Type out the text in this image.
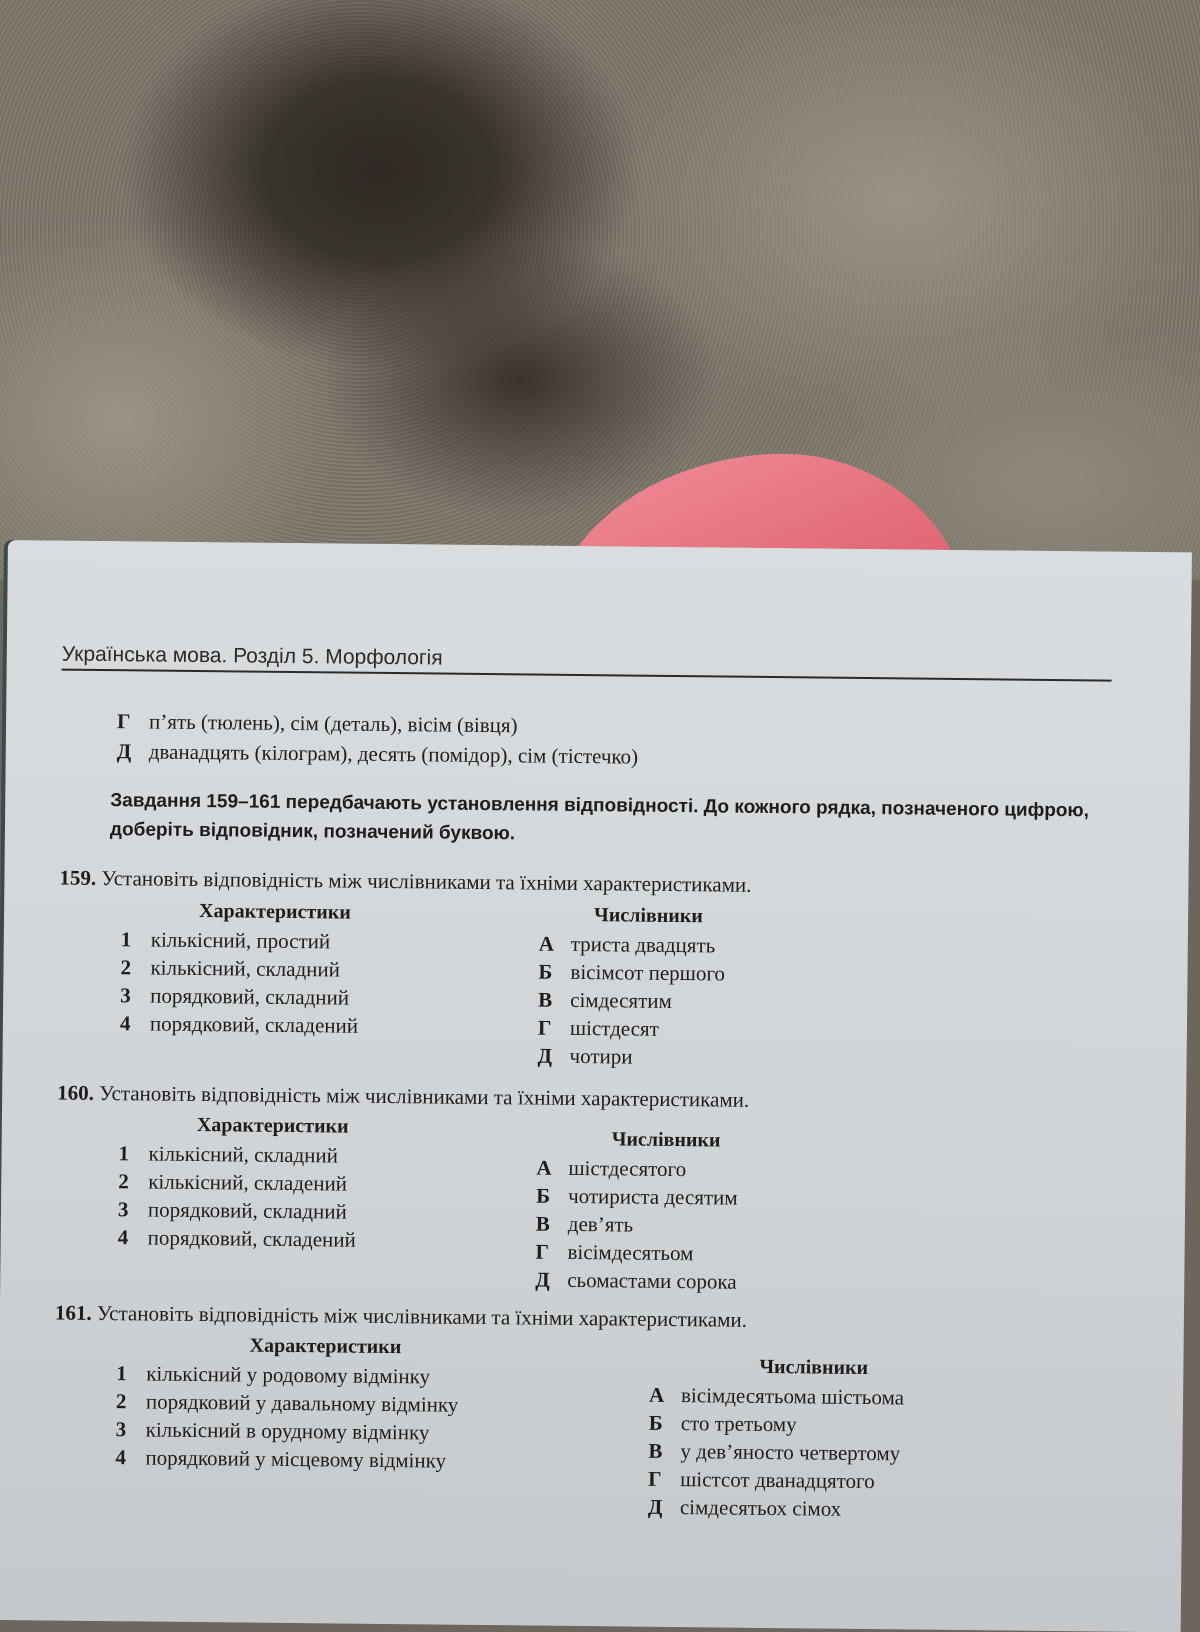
Українська мова. Розділ 5. Морфологія
Г п’ять (тюлень), сім (деталь), вісім (вівця)
Д дванадцять (кілограм), десять (помідор), сім (тістечко)
Завдання 159–161 передбачають установлення відповідності. До кожного рядка, позначеного цифрою, доберіть відповідник, позначений буквою.
159. Установіть відповідність між числівниками та їхніми характеристиками.
Характеристики	Числівники
1 кількісний, простий
2 кількісний, складний
3 порядковий, складний
4 порядковий, складений
А триста двадцять
Б вісімсот першого
В сімдесятим
Г шістдесят
Д чотири
160. Установіть відповідність між числівниками та їхніми характеристиками.
Характеристики
Числівники
1 кількісний, складний
2 кількісний, складений
3 порядковий, складний
4 порядковий, складений
А шістдесятого
Б чотириста десятим
В дев’ять
Г вісімдесятьом
Д сьомастами сорока
161. Установіть відповідність між числівниками та їхніми характеристиками.
Характеристики
Числівники
1 кількісний у родовому відмінку
2 порядковий у давальному відмінку
3 кількісний в орудному відмінку
4 порядковий у місцевому відмінку
А вісімдесятьома шістьома
Б сто третьому
В у дев’яносто четвертому
Г шістсот дванадцятого
Д сімдесятьох сімох
